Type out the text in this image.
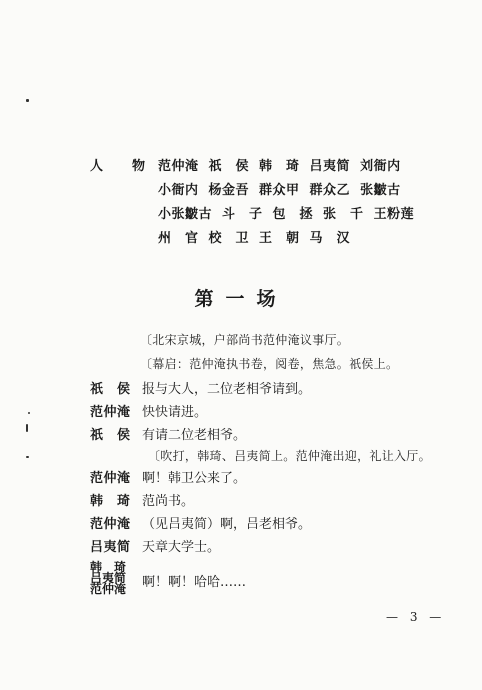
人　　物 范仲淹 祇　侯 韩　琦 吕夷简 刘衙内
小衙内 杨金吾 群众甲 群众乙 张皺古
小张皺古 斗　子 包　拯 张　千 王粉莲
州　官 校　卫 王　朝 马　汉
第一场
〔北宋京城，户部尚书范仲淹议事厅。
〔幕启：范仲淹执书卷，阅卷，焦急。祇侯上。
祇　侯 报与大人，二位老相爷请到。
范仲淹 快快请进。
祇　侯 有请二位老相爷。
〔吹打，韩琦、吕夷简上。范仲淹出迎，礼让入厅。
范仲淹 啊！韩卫公来了。
韩　琦 范尚书。
范仲淹 （见吕夷简）啊，吕老相爷。
吕夷简 天章大学士。
韩　琦
吕夷简
范仲淹 啊！啊！哈哈……
— 3 —
